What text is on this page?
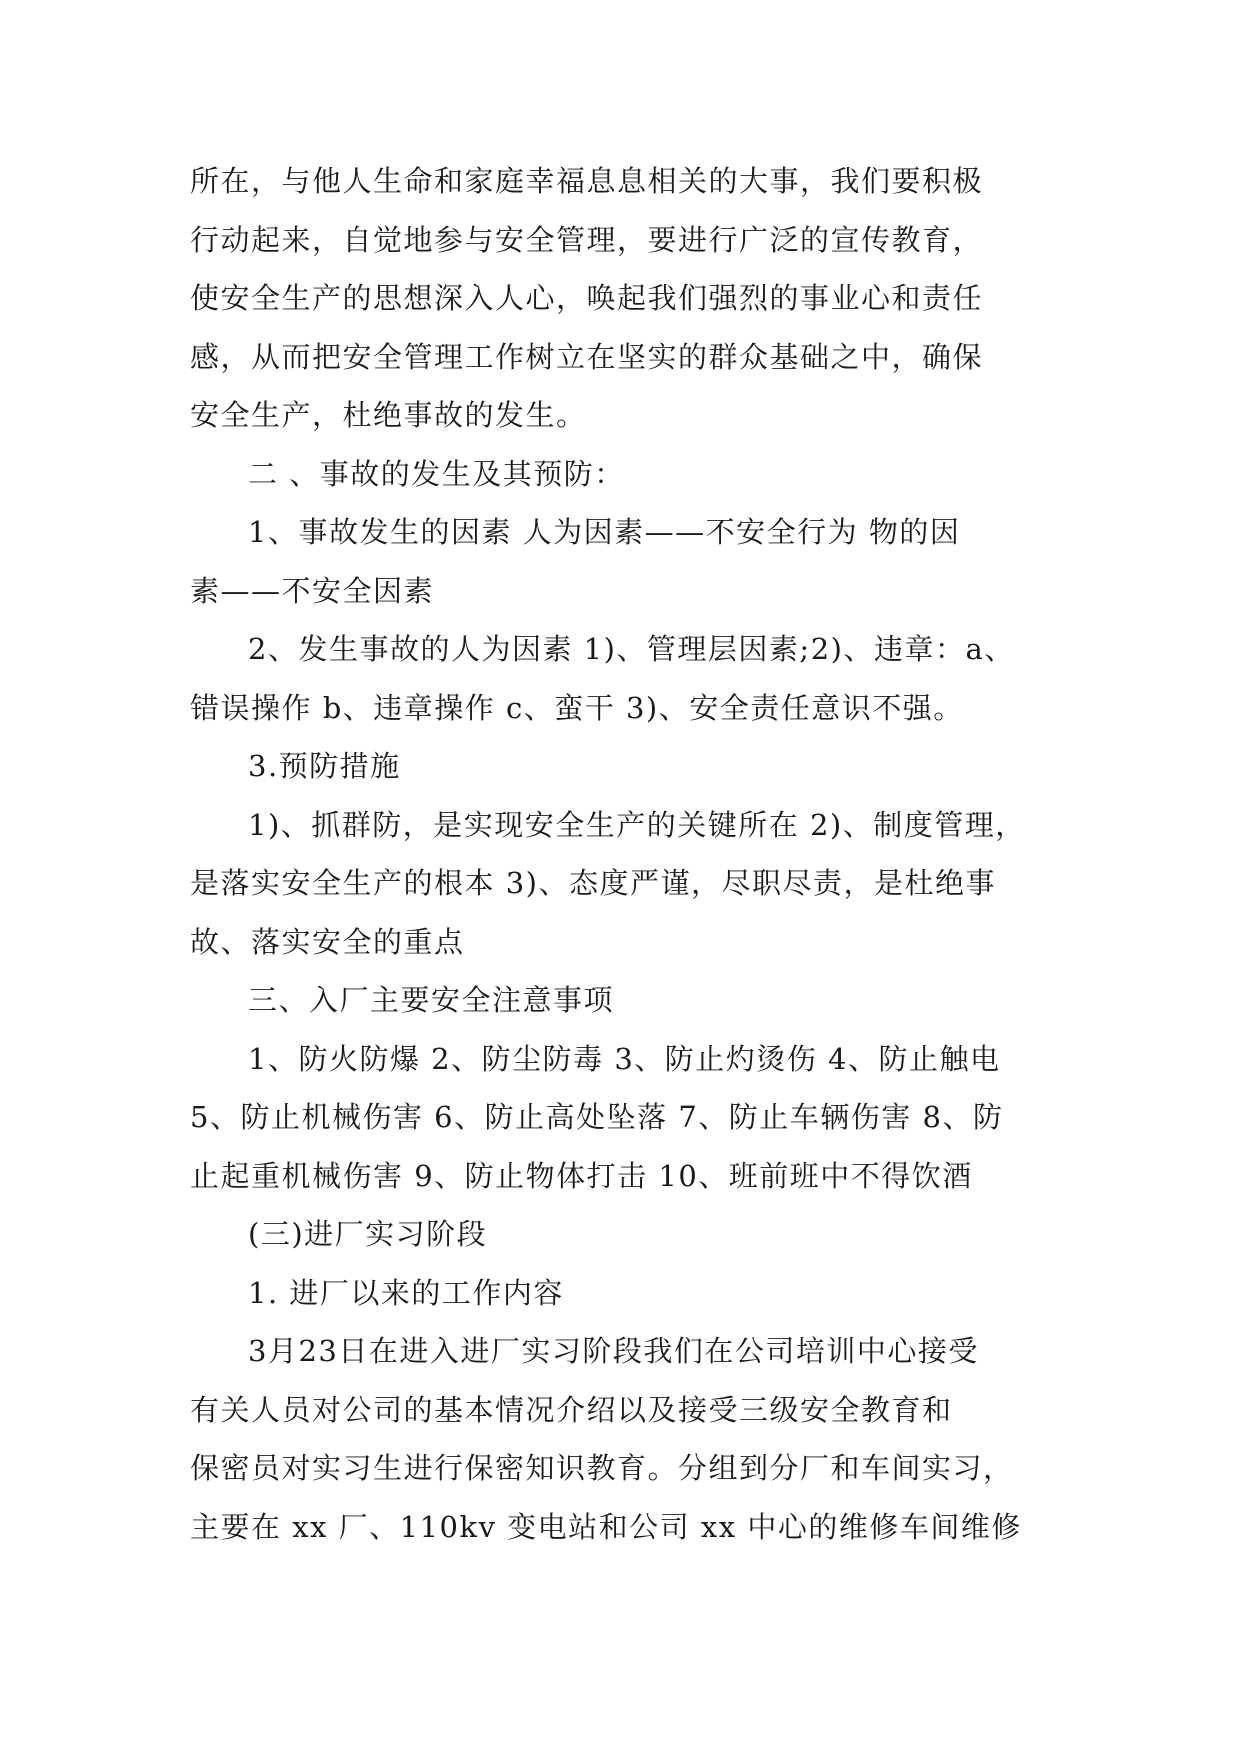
所在，与他人生命和家庭幸福息息相关的大事，我们要积极
行动起来，自觉地参与安全管理，要进行广泛的宣传教育，
使安全生产的思想深入人心，唤起我们强烈的事业心和责任
感，从而把安全管理工作树立在坚实的群众基础之中，确保
安全生产，杜绝事故的发生。
二 、事故的发生及其预防：
1、事故发生的因素 人为因素——不安全行为 物的因
素——不安全因素
2、发生事故的人为因素 1)、管理层因素;2)、违章：a、
错误操作 b、违章操作 c、蛮干 3)、安全责任意识不强。
3.预防措施
1)、抓群防，是实现安全生产的关键所在 2)、制度管理，
是落实安全生产的根本 3)、态度严谨，尽职尽责，是杜绝事
故、落实安全的重点
三、入厂主要安全注意事项
1、防火防爆 2、防尘防毒 3、防止灼烫伤 4、防止触电
5、防止机械伤害 6、防止高处坠落 7、防止车辆伤害 8、防
止起重机械伤害 9、防止物体打击 10、班前班中不得饮酒
(三)进厂实习阶段
1. 进厂以来的工作内容
3月23日在进入进厂实习阶段我们在公司培训中心接受
有关人员对公司的基本情况介绍以及接受三级安全教育和
保密员对实习生进行保密知识教育。分组到分厂和车间实习，
主要在 xx 厂、110kv 变电站和公司 xx 中心的维修车间维修
